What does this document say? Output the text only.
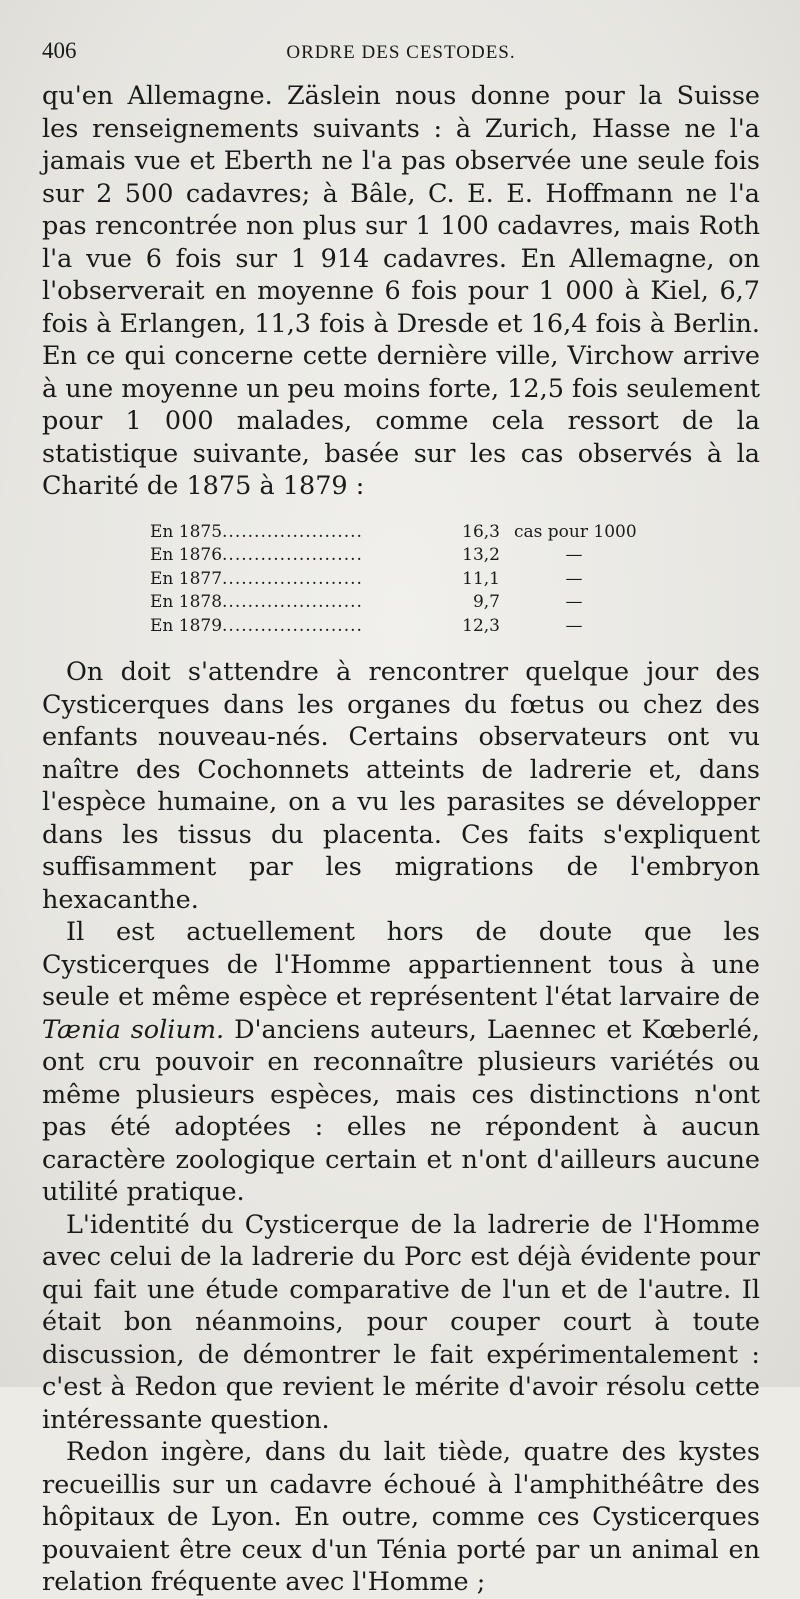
406	ORDRE DES CESTODES.

qu'en Allemagne. Zäslein nous donne pour la Suisse les renseignements suivants : à Zurich, Hasse ne l'a jamais vue et Eberth ne l'a pas observée une seule fois sur 2 500 cadavres; à Bâle, C. E. E. Hoffmann ne l'a pas rencontrée non plus sur 1 100 cadavres, mais Roth l'a vue 6 fois sur 1 914 cadavres. En Allemagne, on l'observerait en moyenne 6 fois pour 1 000 à Kiel, 6,7 fois à Erlangen, 11,3 fois à Dresde et 16,4 fois à Berlin. En ce qui concerne cette dernière ville, Virchow arrive à une moyenne un peu moins forte, 12,5 fois seulement pour 1 000 malades, comme cela ressort de la statistique suivante, basée sur les cas observés à la Charité de 1875 à 1879 :

En 1875......................	16,3 cas pour 1000
En 1876......................	13,2	—
En 1877......................	11,1	—
En 1878......................	9,7	—
En 1879......................	12,3	—

On doit s'attendre à rencontrer quelque jour des Cysticerques dans les organes du fœtus ou chez des enfants nouveau-nés. Certains observateurs ont vu naître des Cochonnets atteints de ladrerie et, dans l'espèce humaine, on a vu les parasites se développer dans les tissus du placenta. Ces faits s'expliquent suffisamment par les migrations de l'embryon hexacanthe.

Il est actuellement hors de doute que les Cysticerques de l'Homme appartiennent tous à une seule et même espèce et représentent l'état larvaire de Tænia solium. D'anciens auteurs, Laennec et Kœberlé, ont cru pouvoir en reconnaître plusieurs variétés ou même plusieurs espèces, mais ces distinctions n'ont pas été adoptées : elles ne répondent à aucun caractère zoologique certain et n'ont d'ailleurs aucune utilité pratique.

L'identité du Cysticerque de la ladrerie de l'Homme avec celui de la ladrerie du Porc est déjà évidente pour qui fait une étude comparative de l'un et de l'autre. Il était bon néanmoins, pour couper court à toute discussion, de démontrer le fait expérimentalement : c'est à Redon que revient le mérite d'avoir résolu cette intéressante question.

Redon ingère, dans du lait tiède, quatre des kystes recueillis sur un cadavre échoué à l'amphithéâtre des hôpitaux de Lyon. En outre, comme ces Cysticerques pouvaient être ceux d'un Ténia porté par un animal en relation fréquente avec l'Homme ;
